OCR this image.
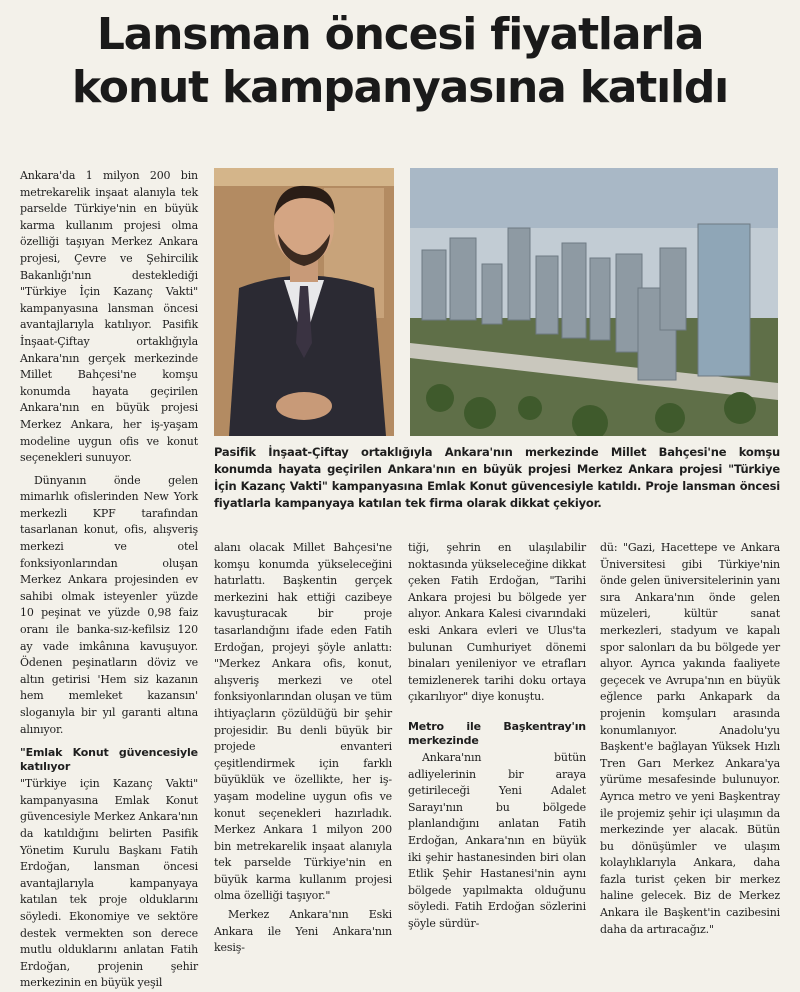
Lansman öncesi fiyatlarla
konut kampanyasına katıldı

Ankara'da 1 milyon 200 bin metrekarelik inşaat alanıyla tek parselde Türkiye'nin en büyük karma kullanım projesi olma özelliği taşıyan Merkez Ankara projesi, Çevre ve Şehircilik Bakanlığı'nın desteklediği "Türkiye İçin Kazanç Vakti" kampanyasına lansman öncesi avantajlarıyla katılıyor. Pasifik İnşaat-Çiftay ortaklığıyla Ankara'nın gerçek merkezinde Millet Bahçesi'ne komşu konumda hayata geçirilen Ankara'nın en büyük projesi Merkez Ankara, her iş-yaşam modeline uygun ofis ve konut seçenekleri sunuyor.

Dünyanın önde gelen mimarlık ofislerinden New York merkezli KPF tarafından tasarlanan konut, ofis, alışveriş merkezi ve otel fonksiyonlarından oluşan Merkez Ankara projesinden ev sahibi olmak isteyenler yüzde 10 peşinat ve yüzde 0,98 faiz oranı ile banka-sız-kefilsiz 120 ay vade imkânına kavuşuyor. Ödenen peşinatların döviz ve altın getirisi 'Hem siz kazanın hem memleket kazansın' sloganıyla bir yıl garanti altına alınıyor.

"Emlak Konut güvencesiyle katılıyor

"Türkiye için Kazanç Vakti" kampanyasına Emlak Konut güvencesiyle Merkez Ankara'nın da katıldığını belirten Pasifik Yönetim Kurulu Başkanı Fatih Erdoğan, lansman öncesi avantajlarıyla kampanyaya katılan tek proje olduklarını söyledi. Ekonomiye ve sektöre destek vermekten son derece mutlu olduklarını anlatan Fatih Erdoğan, projenin şehir merkezinin en büyük yeşil

Pasifik İnşaat-Çiftay ortaklığıyla Ankara'nın merkezinde Millet Bahçesi'ne komşu konumda hayata geçirilen Ankara'nın en büyük projesi Merkez Ankara projesi "Türkiye İçin Kazanç Vakti" kampanyasına Emlak Konut güvencesiyle katıldı. Proje lansman öncesi fiyatlarla kampanyaya katılan tek firma olarak dikkat çekiyor.

alanı olacak Millet Bahçesi'ne komşu konumda yükseleceğini hatırlattı. Başkentin gerçek merkezini hak ettiği cazibeye kavuşturacak bir proje tasarlandığını ifade eden Fatih Erdoğan, projeyi şöyle anlattı: "Merkez Ankara ofis, konut, alışveriş merkezi ve otel fonksiyonlarından oluşan ve tüm ihtiyaçların çözüldüğü bir şehir projesidir. Bu denli büyük bir projede envanteri çeşitlendirmek için farklı büyüklük ve özellikte, her iş-yaşam modeline uygun ofis ve konut seçenekleri hazırladık. Merkez Ankara 1 milyon 200 bin metrekarelik inşaat alanıyla tek parselde Türkiye'nin en büyük karma kullanım projesi olma özelliği taşıyor."

Merkez Ankara'nın Eski Ankara ile Yeni Ankara'nın kesiş-

tiği, şehrin en ulaşılabilir noktasında yükseleceğine dikkat çeken Fatih Erdoğan, "Tarihi Ankara projesi bu bölgede yer alıyor. Ankara Kalesi civarındaki eski Ankara evleri ve Ulus'ta bulunan Cumhuriyet dönemi binaları yenileniyor ve etrafları temizlenerek tarihi doku ortaya çıkarılıyor" diye konuştu.

Metro ile Başkentray'ın merkezinde

Ankara'nın bütün adliyelerinin bir araya getirileceği Yeni Adalet Sarayı'nın bu bölgede planlandığını anlatan Fatih Erdoğan, Ankara'nın en büyük iki şehir hastanesinden biri olan Etlik Şehir Hastanesi'nin aynı bölgede yapılmakta olduğunu söyledi. Fatih Erdoğan sözlerini şöyle sürdür-

dü: "Gazi, Hacettepe ve Ankara Üniversitesi gibi Türkiye'nin önde gelen üniversitelerinin yanı sıra Ankara'nın önde gelen müzeleri, kültür sanat merkezleri, stadyum ve kapalı spor salonları da bu bölgede yer alıyor. Ayrıca yakında faaliyete geçecek ve Avrupa'nın en büyük eğlence parkı Ankapark da projenin komşuları arasında konumlanıyor. Anadolu'yu Başkent'e bağlayan Yüksek Hızlı Tren Garı Merkez Ankara'ya yürüme mesafesinde bulunuyor. Ayrıca metro ve yeni Başkentray ile projemiz şehir içi ulaşımın da merkezinde yer alacak. Bütün bu dönüşümler ve ulaşım kolaylıklarıyla Ankara, daha fazla turist çeken bir merkez haline gelecek. Biz de Merkez Ankara ile Başkent'in cazibesini daha da artıracağız."
